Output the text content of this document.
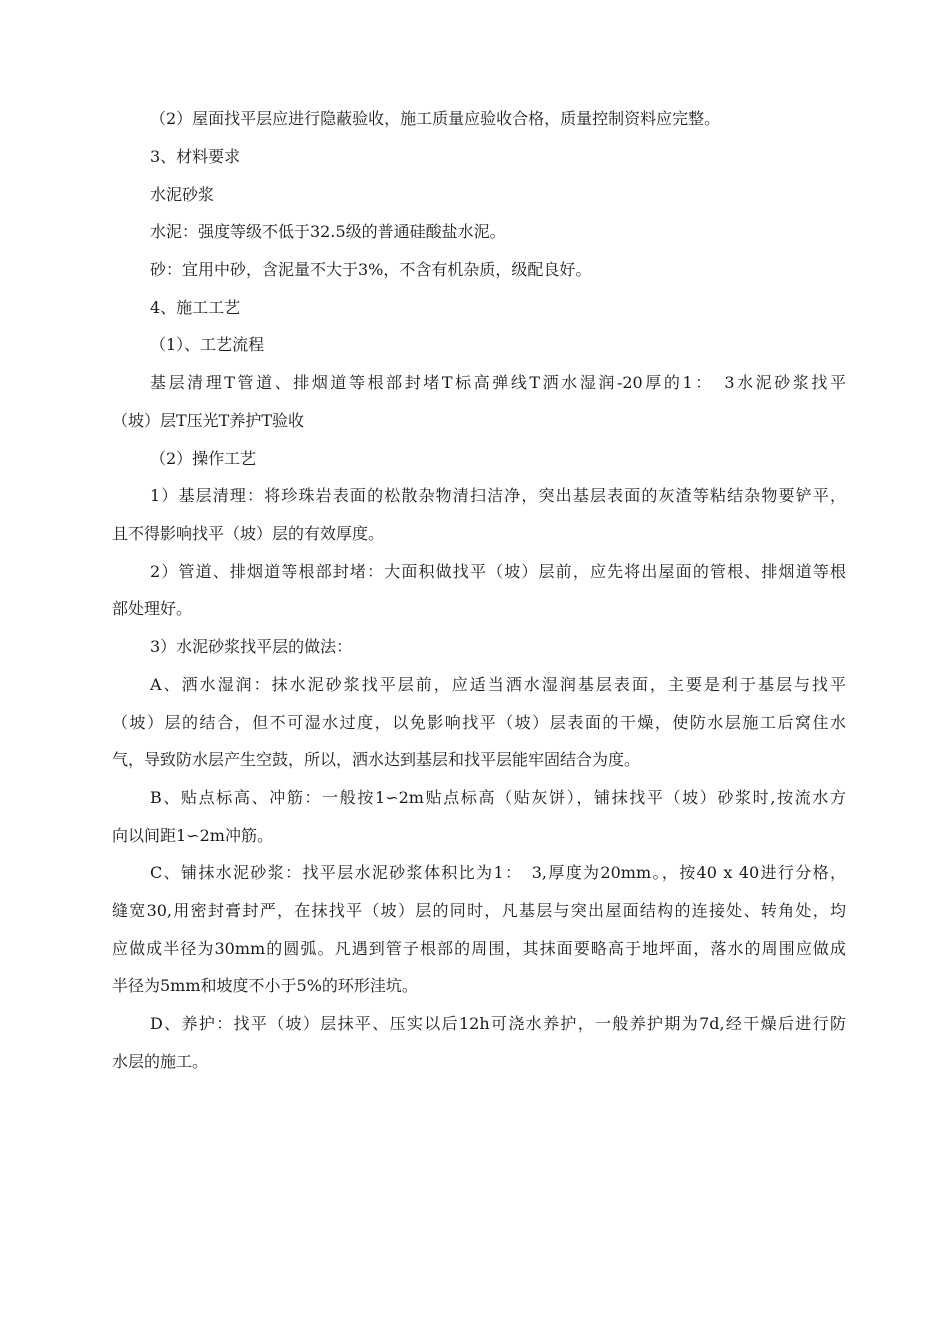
（2）屋面找平层应进行隐蔽验收，施工质量应验收合格，质量控制资料应完整。
3、材料要求
水泥砂浆
水泥：强度等级不低于32.5级的普通硅酸盐水泥。
砂：宜用中砂，含泥量不大于3%，不含有机杂质，级配良好。
4、施工工艺
（1）、工艺流程
基层清理T管道、排烟道等根部封堵T标高弹线T洒水湿润-20厚的1：　3水泥砂浆找平
（坡）层T压光T养护T验收
（2）操作工艺
1）基层清理：将珍珠岩表面的松散杂物清扫洁净，突出基层表面的灰渣等粘结杂物要铲平，
且不得影响找平（坡）层的有效厚度。
2）管道、排烟道等根部封堵：大面积做找平（坡）层前，应先将出屋面的管根、排烟道等根
部处理好。
3）水泥砂浆找平层的做法：
A、洒水湿润：抹水泥砂浆找平层前，应适当洒水湿润基层表面，主要是利于基层与找平
（坡）层的结合，但不可湿水过度，以免影响找平（坡）层表面的干燥，使防水层施工后窝住水
气，导致防水层产生空鼓，所以，洒水达到基层和找平层能牢固结合为度。
B、贴点标高、冲筋：一般按1∽2m贴点标高（贴灰饼），铺抹找平（坡）砂浆时,按流水方
向以间距1∽2m冲筋。
C、铺抹水泥砂浆：找平层水泥砂浆体积比为1：　3,厚度为20mm。，按40 x 40进行分格，
缝宽30,用密封膏封严，在抹找平（坡）层的同时，凡基层与突出屋面结构的连接处、转角处，均
应做成半径为30mm的圆弧。凡遇到管子根部的周围，其抹面要略高于地坪面，落水的周围应做成
半径为5mm和坡度不小于5%的环形洼坑。
D、养护：找平（坡）层抹平、压实以后12h可浇水养护，一般养护期为7d,经干燥后进行防
水层的施工。
